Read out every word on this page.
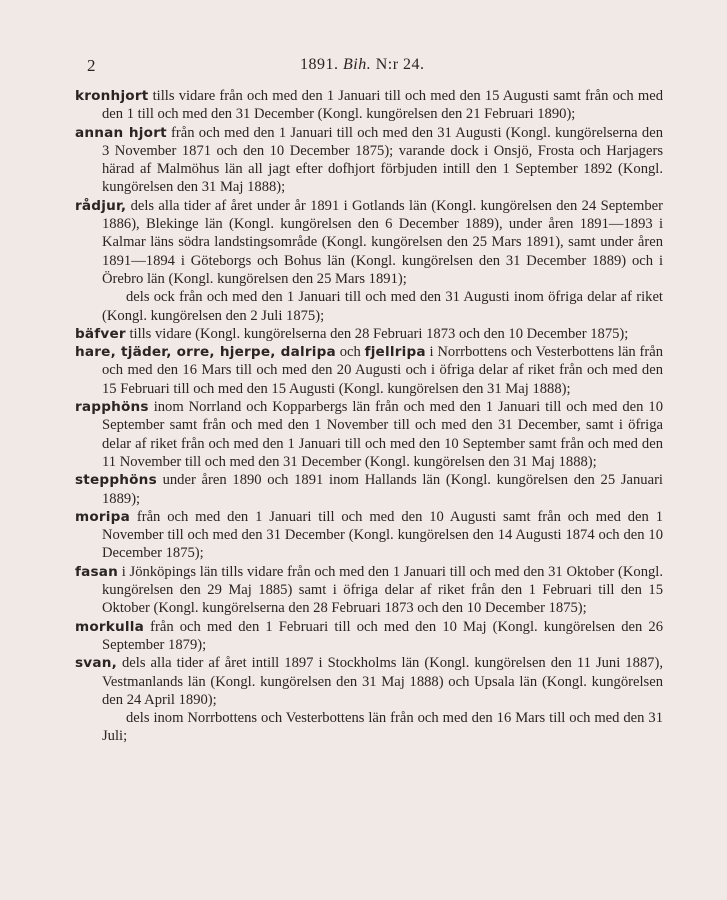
2	1891. Bih. N:r 24.

kronhjort tills vidare från och med den 1 Januari till och med den 15 Augusti samt från och med den 1 till och med den 31 December (Kongl. kungörelsen den 21 Februari 1890);

annan hjort från och med den 1 Januari till och med den 31 Augusti (Kongl. kungörelserna den 3 November 1871 och den 10 December 1875); varande dock i Onsjö, Frosta och Harjagers härad af Malmöhus län all jagt efter dofhjort förbjuden intill den 1 September 1892 (Kongl. kungörelsen den 31 Maj 1888);

rådjur, dels alla tider af året under år 1891 i Gotlands län (Kongl. kungörelsen den 24 September 1886), Blekinge län (Kongl. kungörelsen den 6 December 1889), under åren 1891—1893 i Kalmar läns södra landstingsområde (Kongl. kungörelsen den 25 Mars 1891), samt under åren 1891—1894 i Göteborgs och Bohus län (Kongl. kungörelsen den 31 December 1889) och i Örebro län (Kongl. kungörelsen den 25 Mars 1891);

dels ock från och med den 1 Januari till och med den 31 Augusti inom öfriga delar af riket (Kongl. kungörelsen den 2 Juli 1875);

bäfver tills vidare (Kongl. kungörelserna den 28 Februari 1873 och den 10 December 1875);

hare, tjäder, orre, hjerpe, dalripa och fjellripa i Norrbottens och Vesterbottens län från och med den 16 Mars till och med den 20 Augusti och i öfriga delar af riket från och med den 15 Februari till och med den 15 Augusti (Kongl. kungörelsen den 31 Maj 1888);

rapphöns inom Norrland och Kopparbergs län från och med den 1 Januari till och med den 10 September samt från och med den 1 November till och med den 31 December, samt i öfriga delar af riket från och med den 1 Januari till och med den 10 September samt från och med den 11 November till och med den 31 December (Kongl. kungörelsen den 31 Maj 1888);

stepphöns under åren 1890 och 1891 inom Hallands län (Kongl. kungörelsen den 25 Januari 1889);

moripa från och med den 1 Januari till och med den 10 Augusti samt från och med den 1 November till och med den 31 December (Kongl. kungörelsen den 14 Augusti 1874 och den 10 December 1875);

fasan i Jönköpings län tills vidare från och med den 1 Januari till och med den 31 Oktober (Kongl. kungörelsen den 29 Maj 1885) samt i öfriga delar af riket från den 1 Februari till den 15 Oktober (Kongl. kungörelserna den 28 Februari 1873 och den 10 December 1875);

morkulla från och med den 1 Februari till och med den 10 Maj (Kongl. kungörelsen den 26 September 1879);

svan, dels alla tider af året intill 1897 i Stockholms län (Kongl. kungörelsen den 11 Juni 1887), Vestmanlands län (Kongl. kungörelsen den 31 Maj 1888) och Upsala län (Kongl. kungörelsen den 24 April 1890);

dels inom Norrbottens och Vesterbottens län från och med den 16 Mars till och med den 31 Juli;
